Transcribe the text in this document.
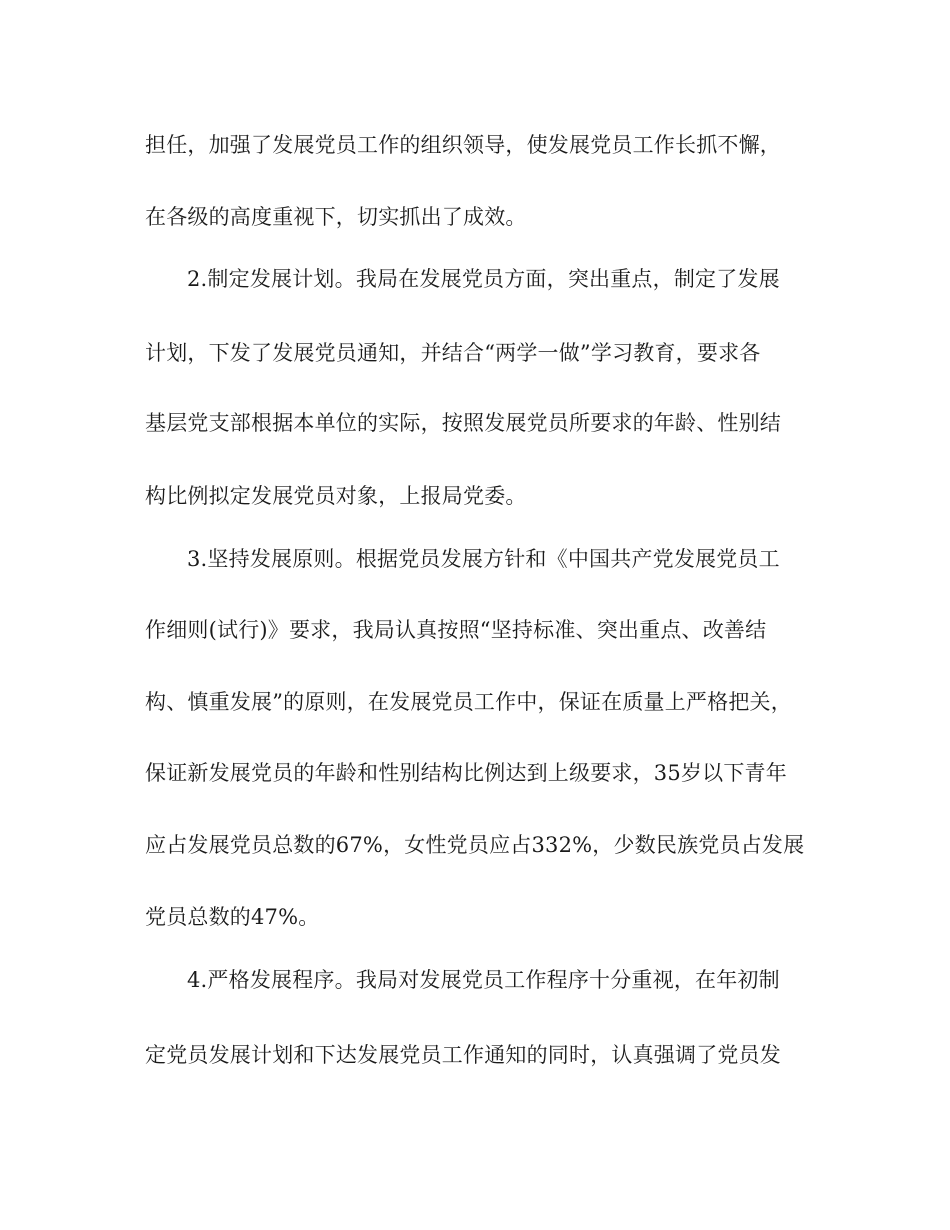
担任，加强了发展党员工作的组织领导，使发展党员工作长抓不懈，
在各级的高度重视下，切实抓出了成效。
2.制定发展计划。我局在发展党员方面，突出重点，制定了发展
计划，下发了发展党员通知，并结合“两学一做”学习教育，要求各
基层党支部根据本单位的实际，按照发展党员所要求的年龄、性别结
构比例拟定发展党员对象，上报局党委。
3.坚持发展原则。根据党员发展方针和《中国共产党发展党员工
作细则(试行)》要求，我局认真按照“坚持标准、突出重点、改善结
构、慎重发展”的原则，在发展党员工作中，保证在质量上严格把关，
保证新发展党员的年龄和性别结构比例达到上级要求，35岁以下青年
应占发展党员总数的67%，女性党员应占332%，少数民族党员占发展
党员总数的47%。
4.严格发展程序。我局对发展党员工作程序十分重视，在年初制
定党员发展计划和下达发展党员工作通知的同时，认真强调了党员发
